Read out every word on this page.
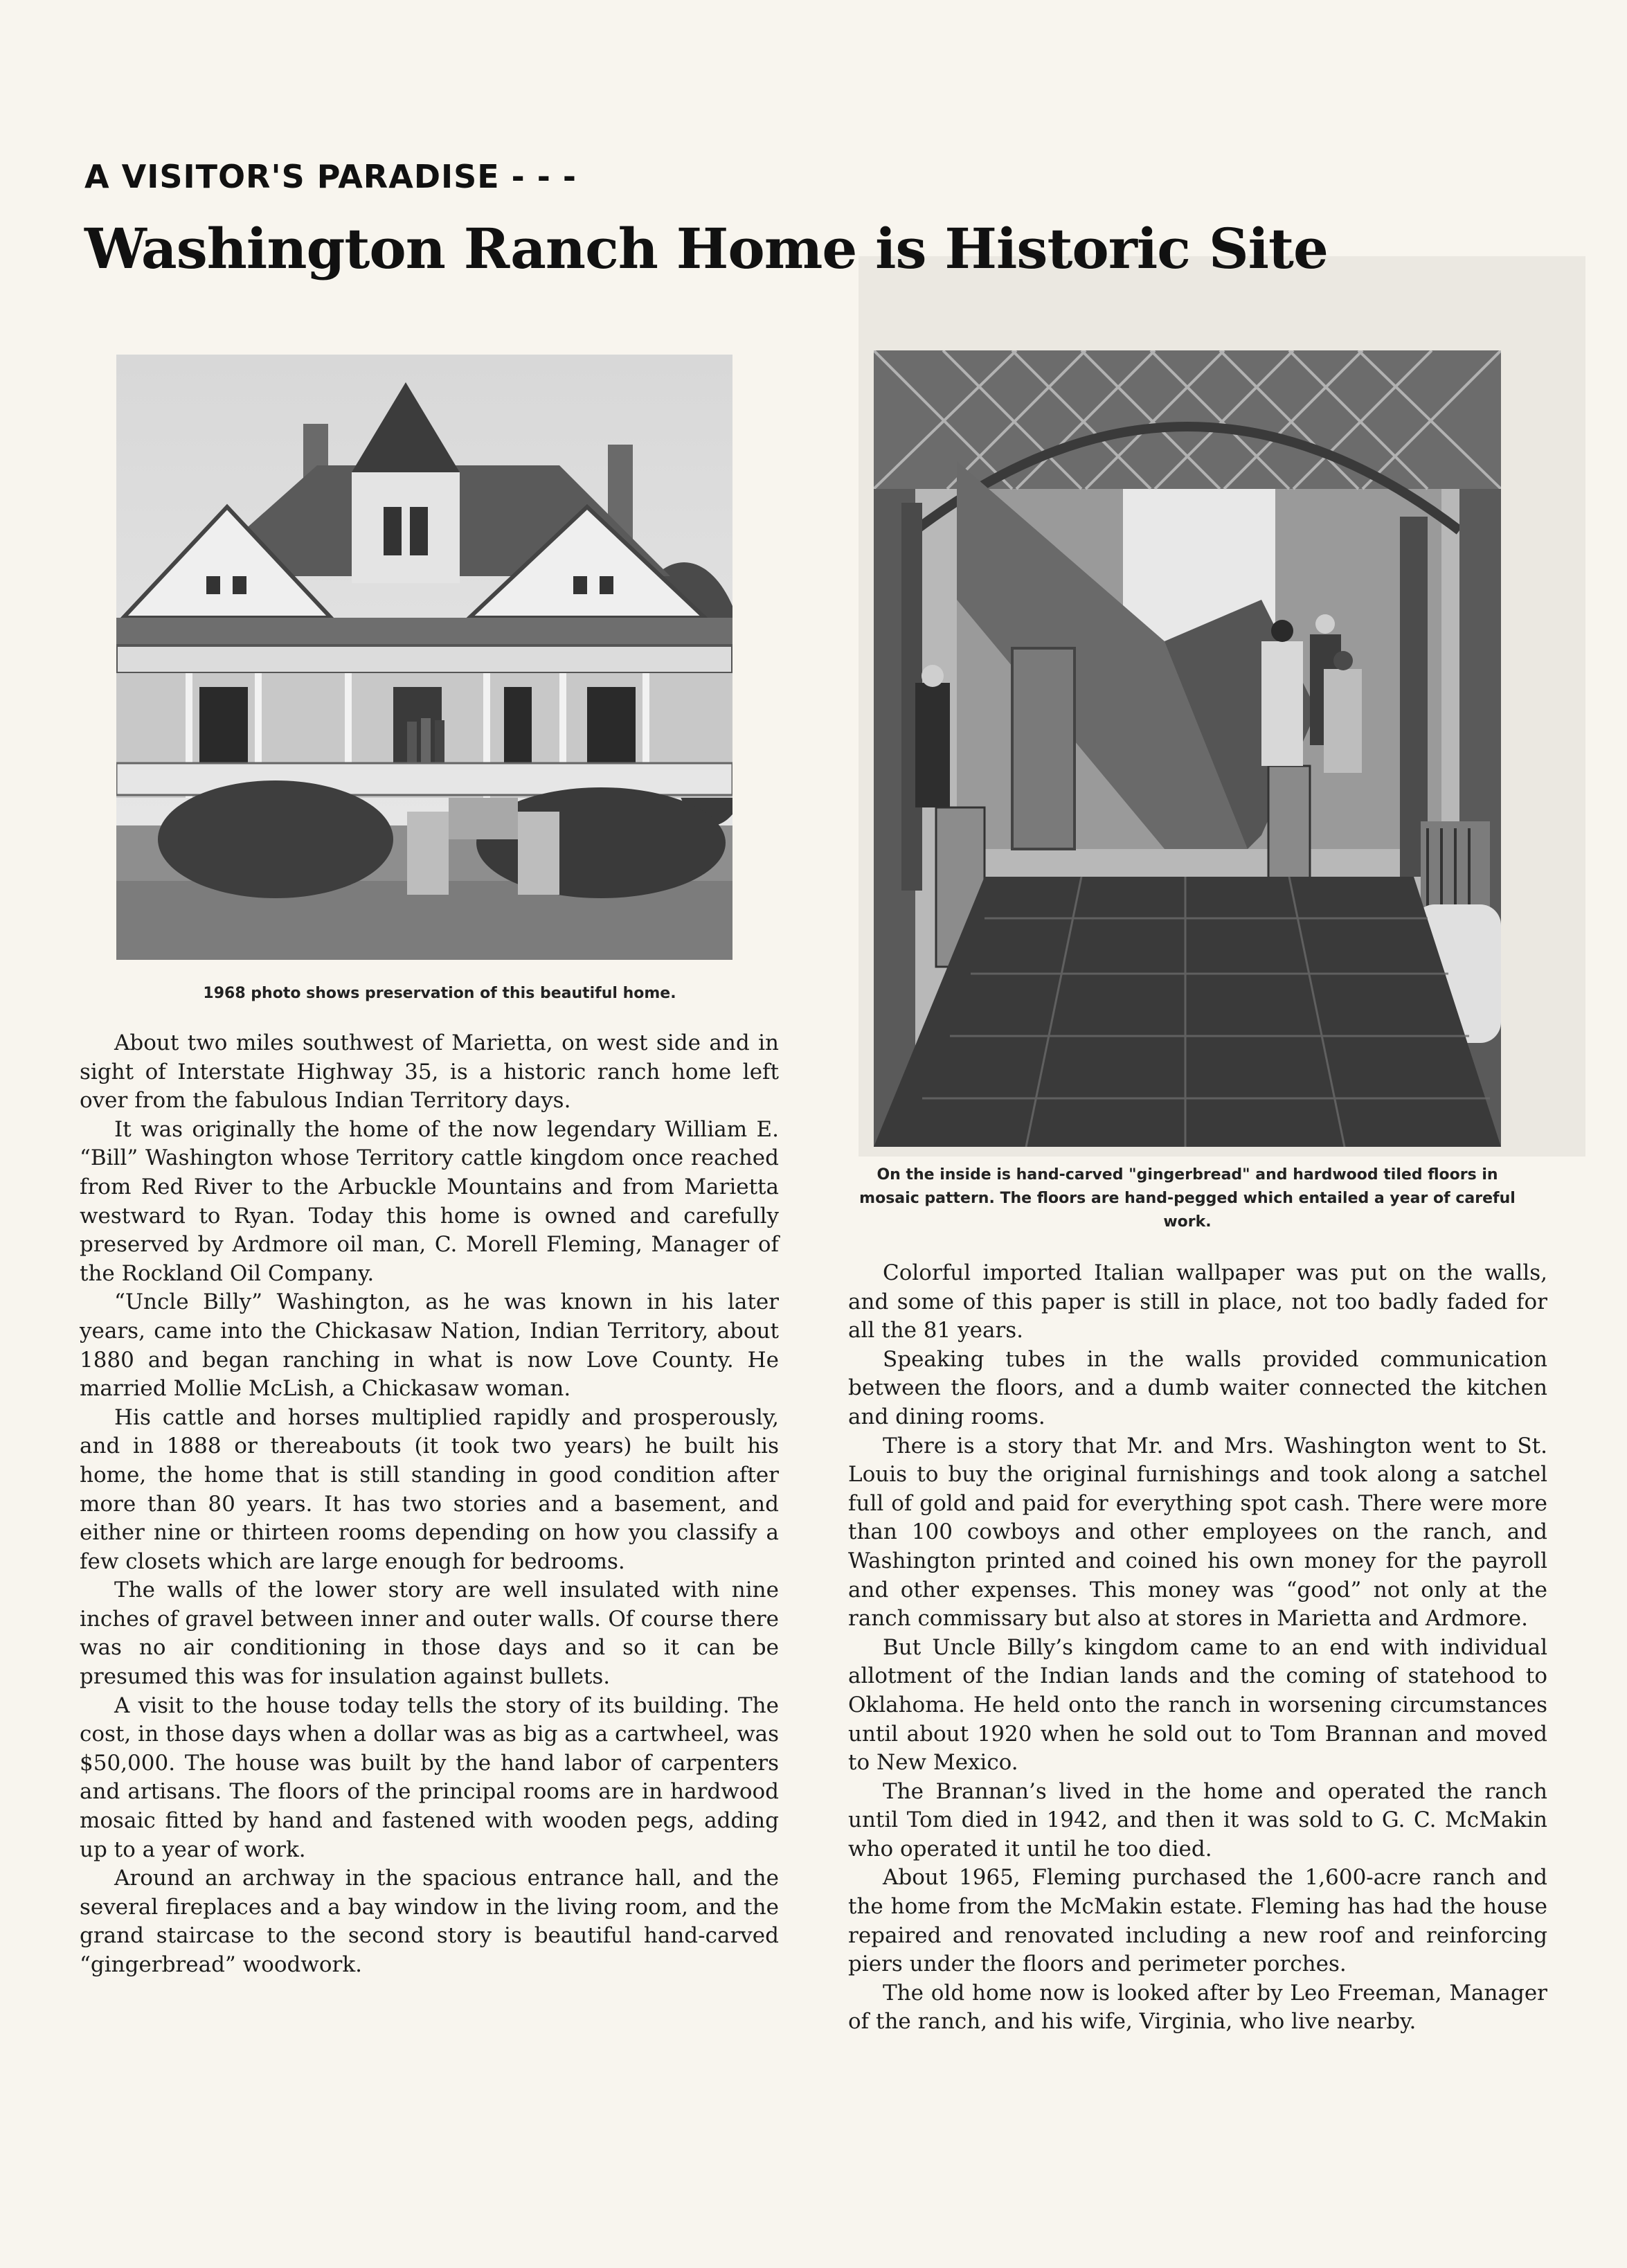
A VISITOR'S PARADISE - - -
Washington Ranch Home is Historic Site
1968 photo shows preservation of this beautiful home.
On the inside is hand-carved "gingerbread" and hardwood tiled floors in mosaic pattern. The floors are hand-pegged which entailed a year of careful work.

About two miles southwest of Marietta, on west side and in sight of Interstate Highway 35, is a historic ranch home left over from the fabulous Indian Territory days.

It was originally the home of the now legendary William E. “Bill” Washington whose Territory cattle kingdom once reached from Red River to the Arbuckle Mountains and from Marietta westward to Ryan. Today this home is owned and carefully preserved by Ardmore oil man, C. Morell Fleming, Manager of the Rockland Oil Company.

“Uncle Billy” Washington, as he was known in his later years, came into the Chickasaw Nation, Indian Territory, about 1880 and began ranching in what is now Love County. He married Mollie McLish, a Chickasaw woman.

His cattle and horses multiplied rapidly and prosperously, and in 1888 or thereabouts (it took two years) he built his home, the home that is still standing in good condition after more than 80 years. It has two stories and a basement, and either nine or thirteen rooms depending on how you classify a few closets which are large enough for bedrooms.

The walls of the lower story are well insulated with nine inches of gravel between inner and outer walls. Of course there was no air conditioning in those days and so it can be presumed this was for insulation against bullets.

A visit to the house today tells the story of its building. The cost, in those days when a dollar was as big as a cartwheel, was $50,000. The house was built by the hand labor of carpenters and artisans. The floors of the principal rooms are in hardwood mosaic fitted by hand and fastened with wooden pegs, adding up to a year of work.

Around an archway in the spacious entrance hall, and the several fireplaces and a bay window in the living room, and the grand staircase to the second story is beautiful hand-carved “gingerbread” woodwork.

Colorful imported Italian wallpaper was put on the walls, and some of this paper is still in place, not too badly faded for all the 81 years.

Speaking tubes in the walls provided communication between the floors, and a dumb waiter connected the kitchen and dining rooms.

There is a story that Mr. and Mrs. Washington went to St. Louis to buy the original furnishings and took along a satchel full of gold and paid for everything spot cash. There were more than 100 cowboys and other employees on the ranch, and Washington printed and coined his own money for the payroll and other expenses. This money was “good” not only at the ranch commissary but also at stores in Marietta and Ardmore.

But Uncle Billy’s kingdom came to an end with individual allotment of the Indian lands and the coming of statehood to Oklahoma. He held onto the ranch in worsening circumstances until about 1920 when he sold out to Tom Brannan and moved to New Mexico.

The Brannan’s lived in the home and operated the ranch until Tom died in 1942, and then it was sold to G. C. McMakin who operated it until he too died.

About 1965, Fleming purchased the 1,600-acre ranch and the home from the McMakin estate. Fleming has had the house repaired and renovated including a new roof and reinforcing piers under the floors and perimeter porches.

The old home now is looked after by Leo Freeman, Manager of the ranch, and his wife, Virginia, who live nearby.
